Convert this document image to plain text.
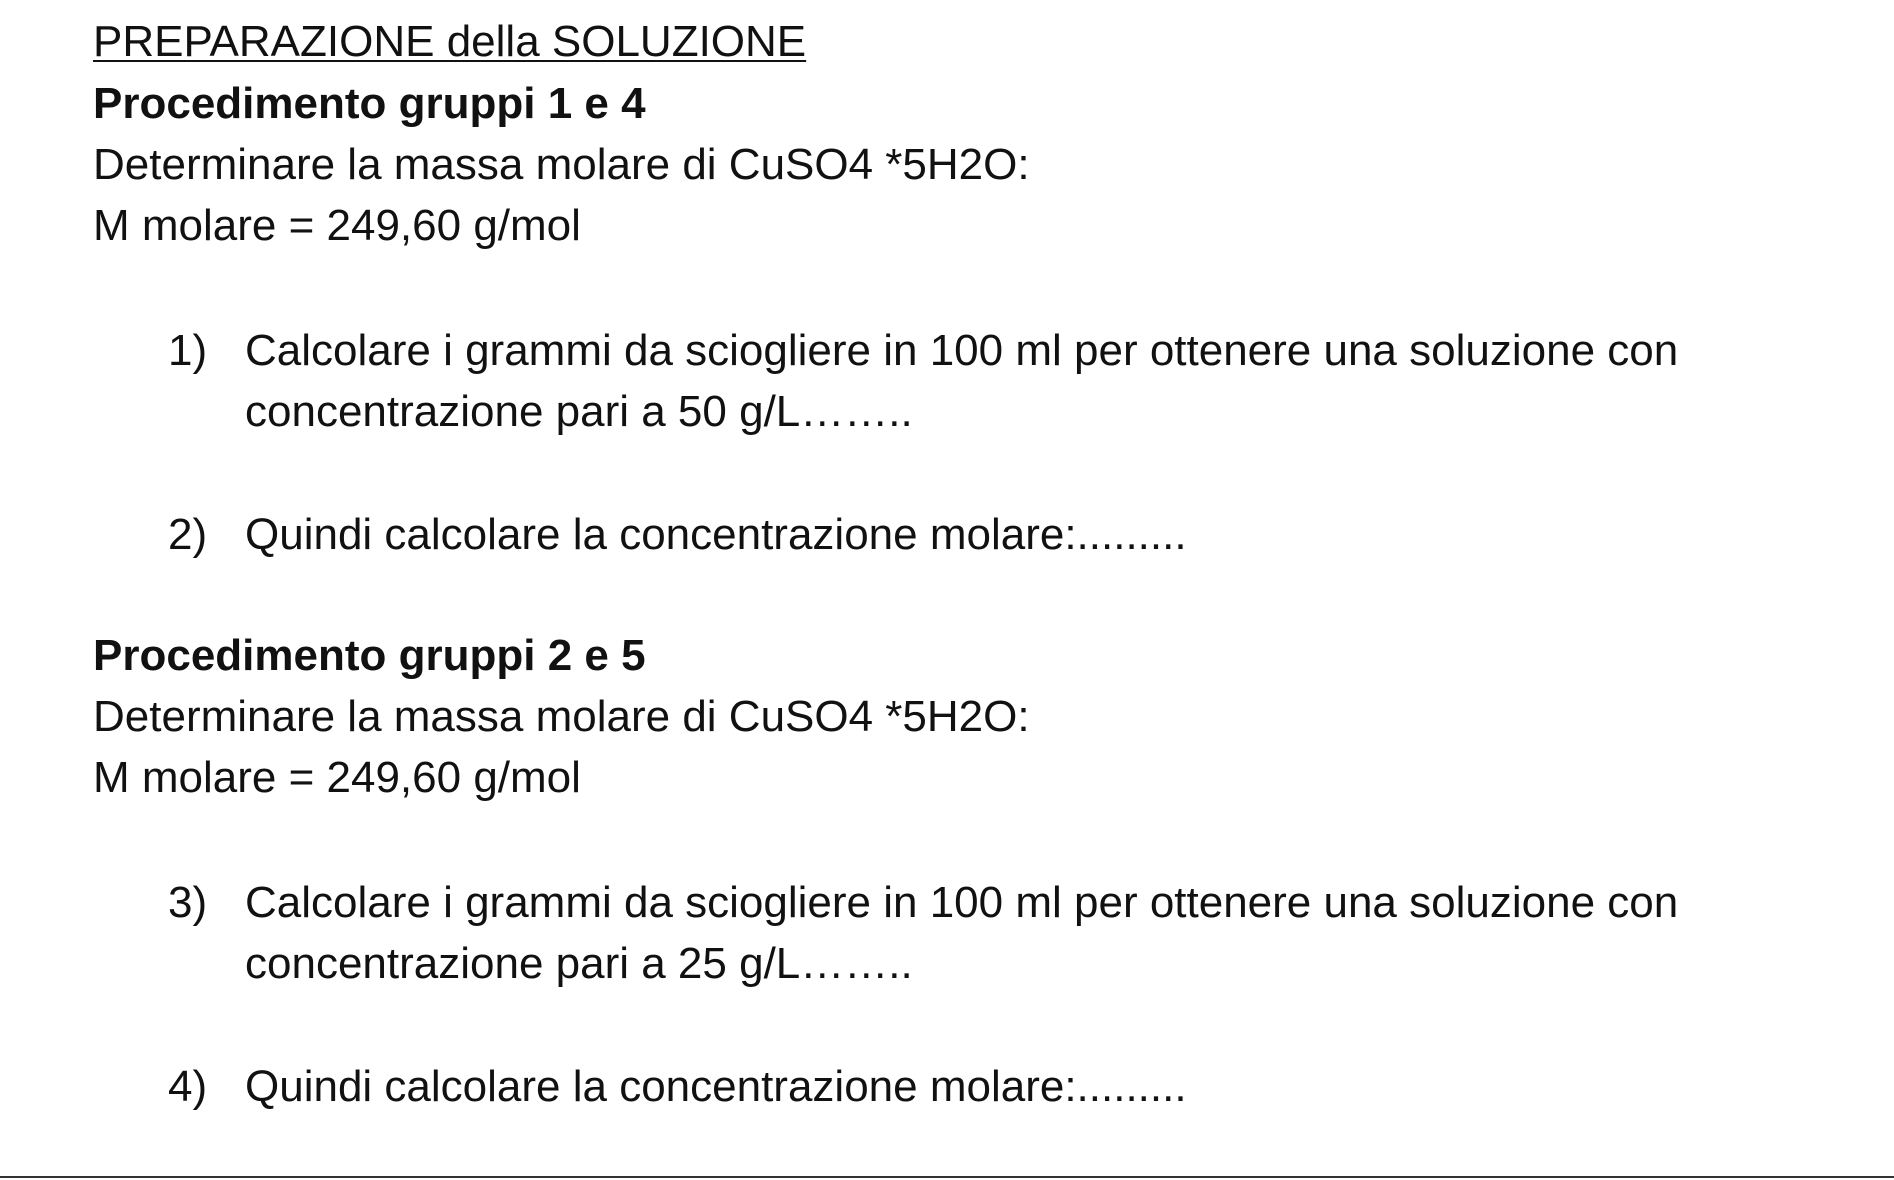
PREPARAZIONE della SOLUZIONE
Procedimento gruppi 1 e 4
Determinare la massa molare di CuSO4 *5H2O:
M molare = 249,60 g/mol
1) Calcolare i grammi da sciogliere in 100 ml per ottenere una soluzione con
concentrazione pari a 50 g/L……..
2) Quindi calcolare la concentrazione molare:.........
Procedimento gruppi 2 e 5
Determinare la massa molare di CuSO4 *5H2O:
M molare = 249,60 g/mol
3) Calcolare i grammi da sciogliere in 100 ml per ottenere una soluzione con
concentrazione pari a 25 g/L……..
4) Quindi calcolare la concentrazione molare:.........
